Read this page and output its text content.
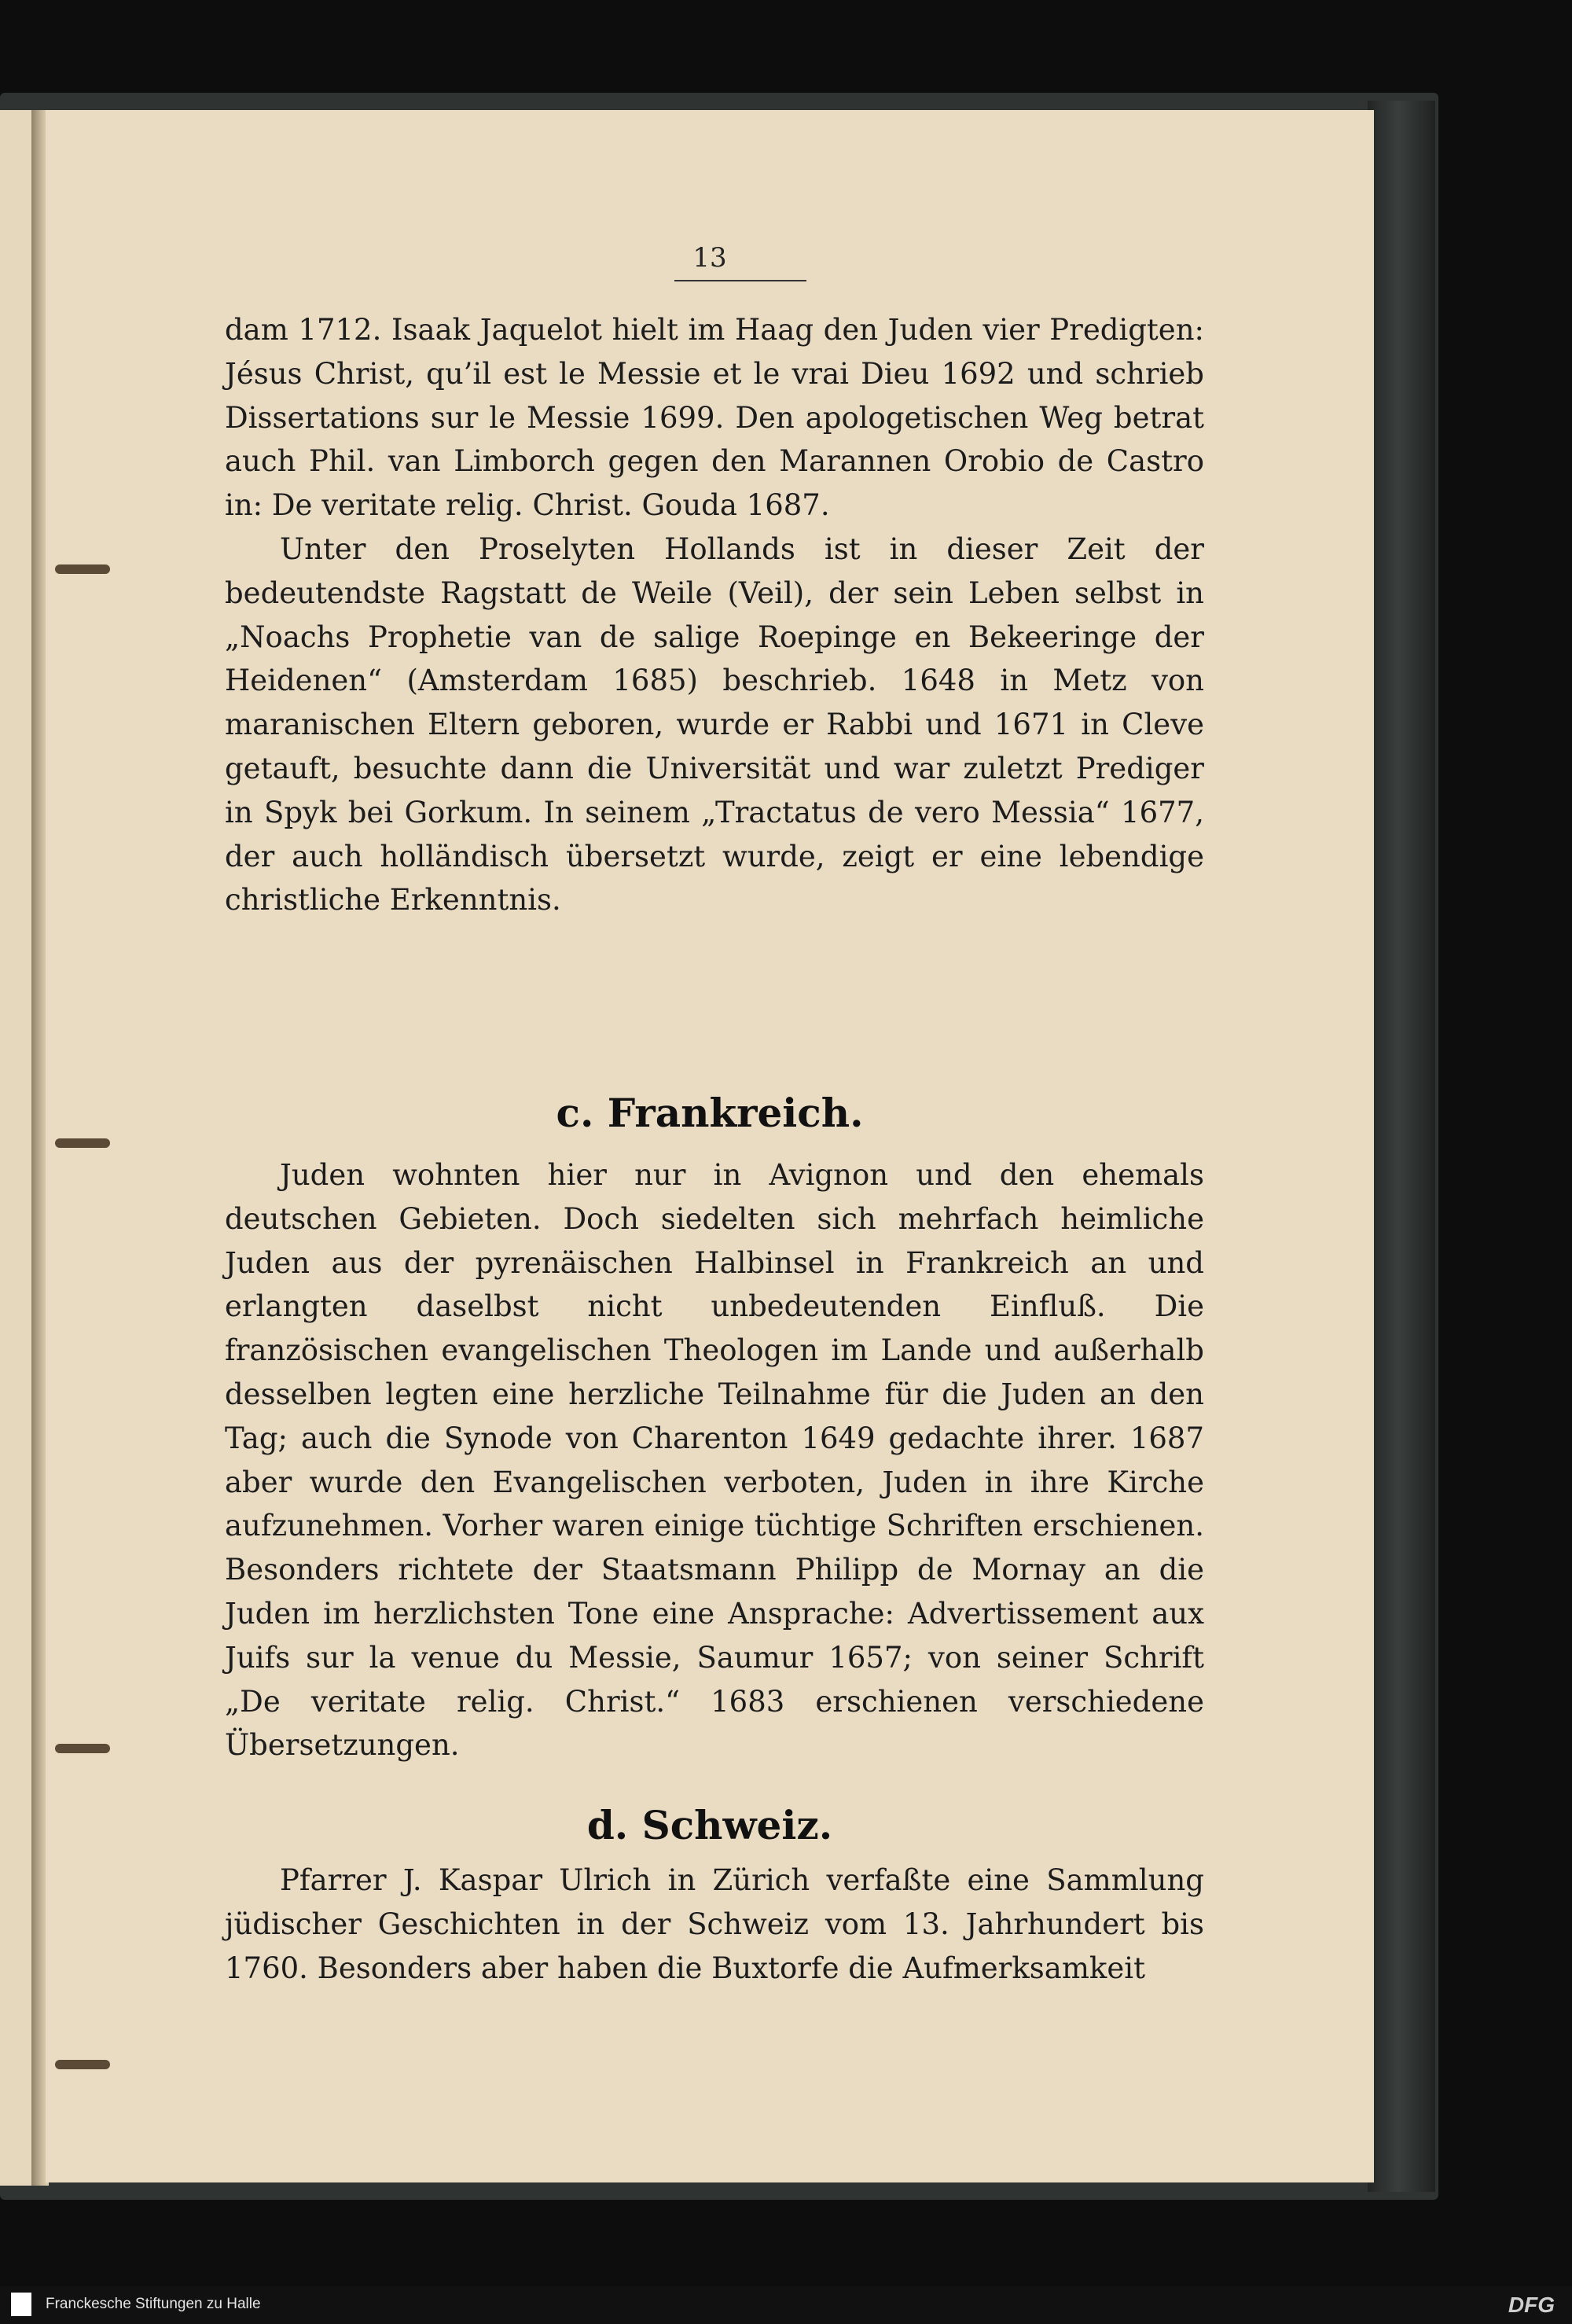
13

dam 1712. Isaak Jaquelot hielt im Haag den Juden vier Predigten: Jésus Christ, qu’il est le Messie et le vrai Dieu 1692 und schrieb Dissertations sur le Messie 1699. Den apologetischen Weg betrat auch Phil. van Limborch gegen den Marannen Orobio de Castro in: De veritate relig. Christ. Gouda 1687.

Unter den Proselyten Hollands ist in dieser Zeit der bedeutendste Ragstatt de Weile (Veil), der sein Leben selbst in „Noachs Prophetie van de salige Roepinge en Bekeeringe der Heidenen“ (Amsterdam 1685) beschrieb. 1648 in Metz von maranischen Eltern geboren, wurde er Rabbi und 1671 in Cleve getauft, besuchte dann die Universität und war zuletzt Prediger in Spyk bei Gorkum. In seinem „Tractatus de vero Messia“ 1677, der auch holländisch übersetzt wurde, zeigt er eine lebendige christliche Erkenntnis.

c. Frankreich.

Juden wohnten hier nur in Avignon und den ehemals deutschen Gebieten. Doch siedelten sich mehrfach heimliche Juden aus der pyrenäischen Halbinsel in Frankreich an und erlangten daselbst nicht unbedeutenden Einfluß. Die französischen evangelischen Theologen im Lande und außerhalb desselben legten eine herzliche Teilnahme für die Juden an den Tag; auch die Synode von Charenton 1649 gedachte ihrer. 1687 aber wurde den Evangelischen verboten, Juden in ihre Kirche aufzunehmen. Vorher waren einige tüchtige Schriften erschienen. Besonders richtete der Staatsmann Philipp de Mornay an die Juden im herzlichsten Tone eine Ansprache: Advertissement aux Juifs sur la venue du Messie, Saumur 1657; von seiner Schrift „De veritate relig. Christ.“ 1683 erschienen verschiedene Übersetzungen.

d. Schweiz.

Pfarrer J. Kaspar Ulrich in Zürich verfaßte eine Sammlung jüdischer Geschichten in der Schweiz vom 13. Jahrhundert bis 1760. Besonders aber haben die Buxtorfe die Aufmerksamkeit

Franckesche Stiftungen zu Halle	DFG
